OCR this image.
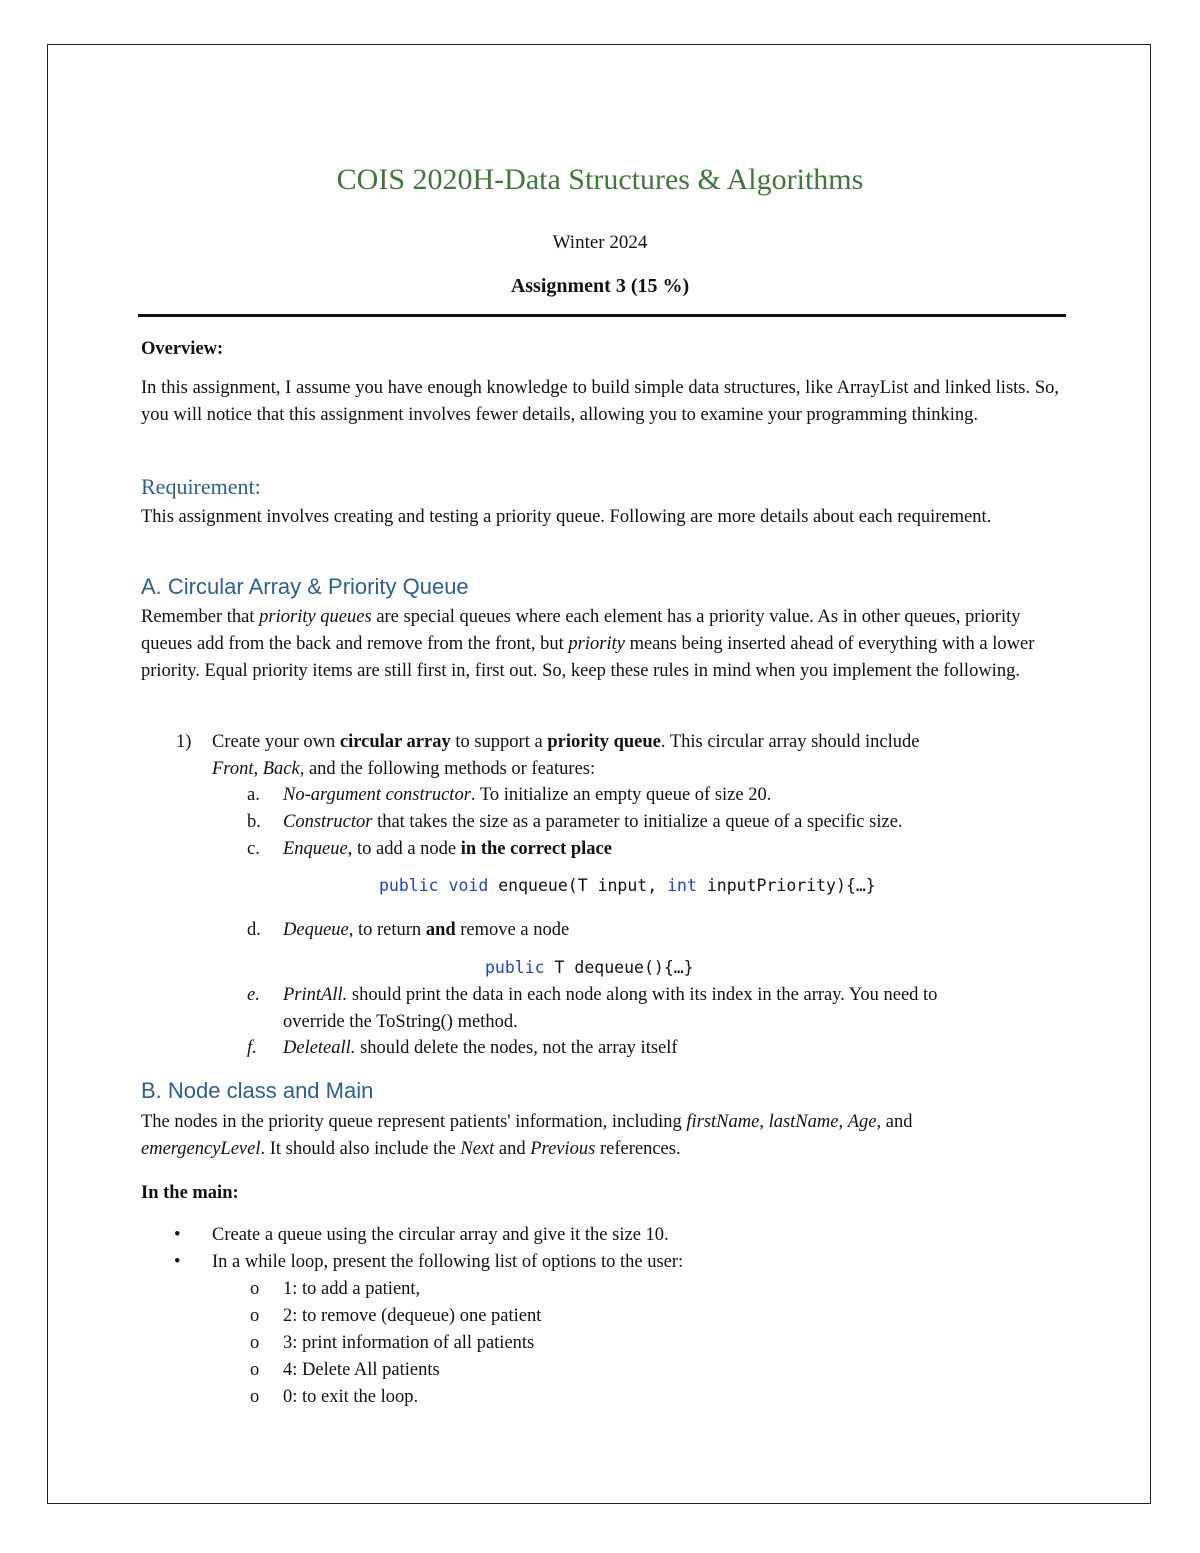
COIS 2020H-Data Structures & Algorithms
Winter 2024
Assignment 3 (15 %)
Overview:
In this assignment, I assume you have enough knowledge to build simple data structures, like ArrayList and linked lists. So, you will notice that this assignment involves fewer details, allowing you to examine your programming thinking.
Requirement:
This assignment involves creating and testing a priority queue. Following are more details about each requirement.
A. Circular Array & Priority Queue
Remember that priority queues are special queues where each element has a priority value. As in other queues, priority queues add from the back and remove from the front, but priority means being inserted ahead of everything with a lower priority. Equal priority items are still first in, first out. So, keep these rules in mind when you implement the following.
1) Create your own circular array to support a priority queue. This circular array should include
Front, Back, and the following methods or features:
a. No-argument constructor. To initialize an empty queue of size 20.
b. Constructor that takes the size as a parameter to initialize a queue of a specific size.
c. Enqueue, to add a node in the correct place
public void enqueue(T input, int inputPriority){…}
d. Dequeue, to return and remove a node
public T dequeue(){…}
e. PrintAll. should print the data in each node along with its index in the array. You need to
override the ToString() method.
f. Deleteall. should delete the nodes, not the array itself
B. Node class and Main
The nodes in the priority queue represent patients' information, including firstName, lastName, Age, and
emergencyLevel. It should also include the Next and Previous references.
In the main:
• Create a queue using the circular array and give it the size 10.
• In a while loop, present the following list of options to the user:
o 1: to add a patient,
o 2: to remove (dequeue) one patient
o 3: print information of all patients
o 4: Delete All patients
o 0: to exit the loop.
